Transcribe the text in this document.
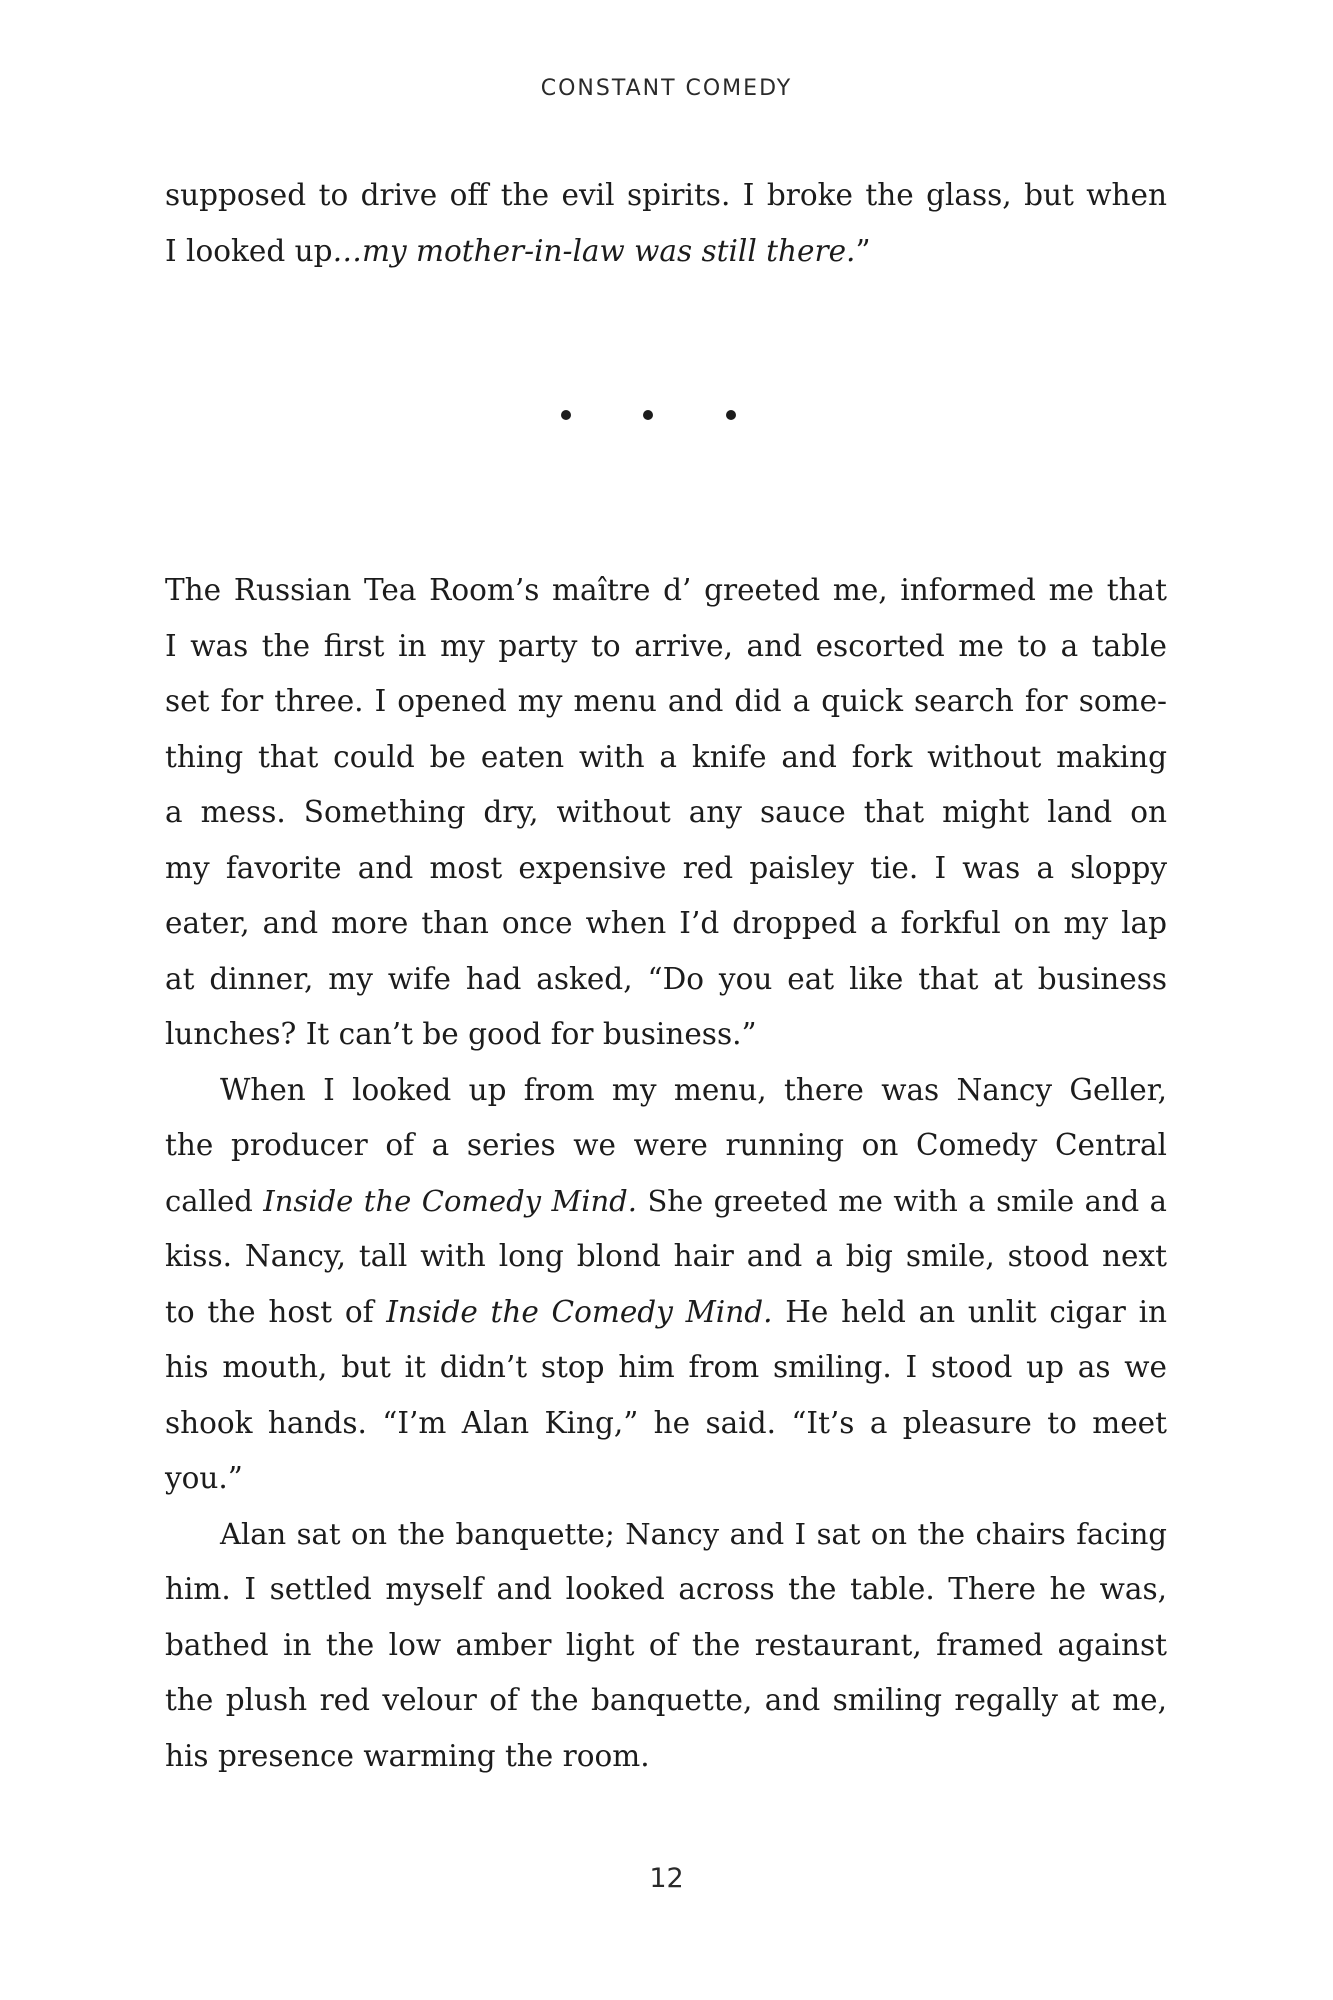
CONSTANT COMEDY
supposed to drive off the evil spirits. I broke the glass, but when
I looked up…my mother-in-law was still there.”
The Russian Tea Room’s maître d’ greeted me, informed me that
I was the first in my party to arrive, and escorted me to a table
set for three. I opened my menu and did a quick search for some-
thing that could be eaten with a knife and fork without making
a mess. Something dry, without any sauce that might land on
my favorite and most expensive red paisley tie. I was a sloppy
eater, and more than once when I’d dropped a forkful on my lap
at dinner, my wife had asked, “Do you eat like that at business
lunches? It can’t be good for business.”
When I looked up from my menu, there was Nancy Geller,
the producer of a series we were running on Comedy Central
called Inside the Comedy Mind. She greeted me with a smile and a
kiss. Nancy, tall with long blond hair and a big smile, stood next
to the host of Inside the Comedy Mind. He held an unlit cigar in
his mouth, but it didn’t stop him from smiling. I stood up as we
shook hands. “I’m Alan King,” he said. “It’s a pleasure to meet
you.”
Alan sat on the banquette; Nancy and I sat on the chairs facing
him. I settled myself and looked across the table. There he was,
bathed in the low amber light of the restaurant, framed against
the plush red velour of the banquette, and smiling regally at me,
his presence warming the room.
12
